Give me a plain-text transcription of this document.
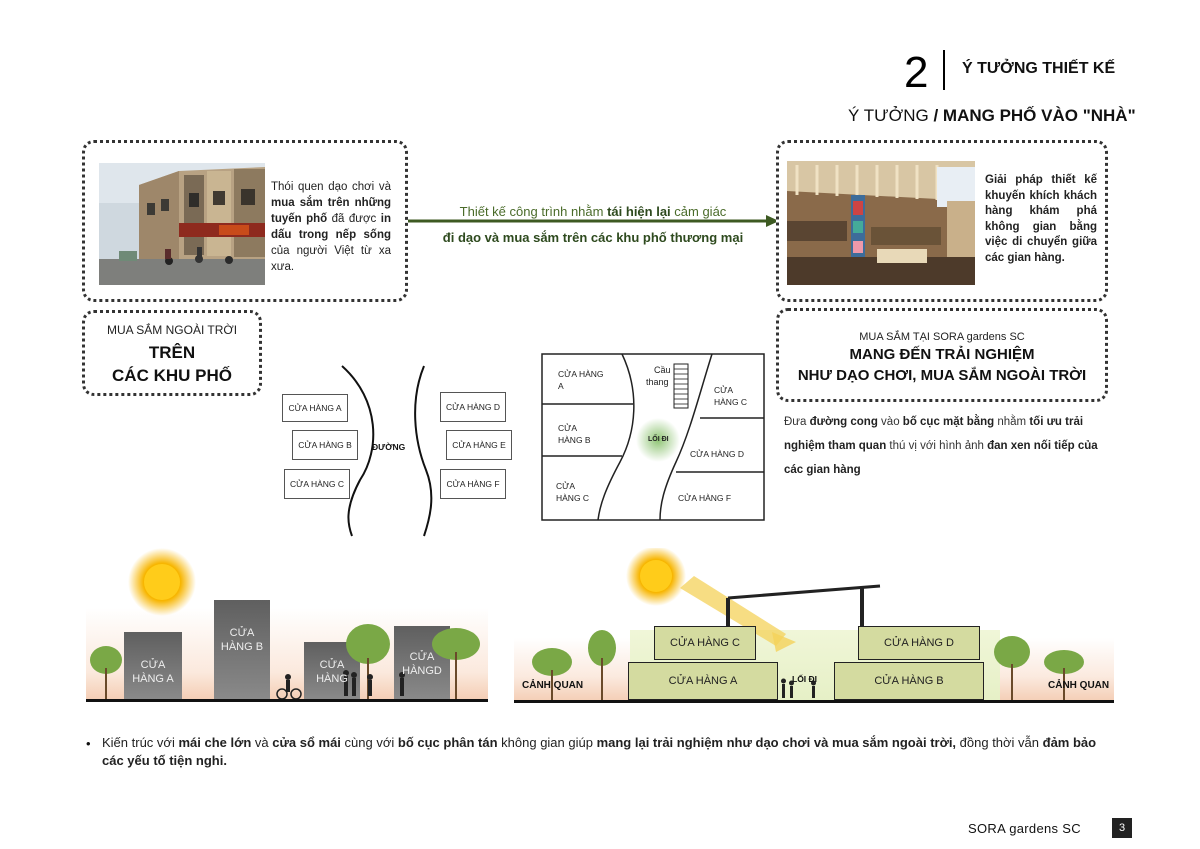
2 Ý TƯỞNG THIẾT KẾ
Ý TƯỞNG / MANG PHỐ VÀO "NHÀ"
Thói quen dạo chơi và mua sắm trên những tuyến phố đã được in dấu trong nếp sống của người Việt từ xa xưa.
MUA SẮM NGOÀI TRỜI
TRÊN
CÁC KHU PHỐ
Thiết kế công trình nhằm tái hiện lại cảm giác
đi dạo và mua sắm trên các khu phố thương mại
Giải pháp thiết kế khuyến khích khách hàng khám phá không gian bằng việc di chuyển giữa các gian hàng.
MUA SẮM TẠI SORA gardens SC
MANG ĐẾN TRẢI NGHIỆM
NHƯ DẠO CHƠI, MUA SẮM NGOÀI TRỜI
Đưa đường cong vào bố cục mặt bằng nhằm tối ưu trải nghiệm tham quan thú vị với hình ảnh đan xen nối tiếp của các gian hàng
CỬA HÀNG A
CỬA HÀNG B
CỬA HÀNG C
CỬA HÀNG D
CỬA HÀNG E
CỬA HÀNG F
ĐƯỜNG
CỬA HÀNG
A
CỬA
HÀNG B
CỬA
HÀNG C
Cầu
thang
CỬA
HÀNG C
CỬA HÀNG D
CỬA HÀNG F
LỐI ĐI
CỬA
HÀNG A
CỬA
HÀNG B
CỬA
HÀNG
CỬA
HÀNGD
CỬA HÀNG C	CỬA HÀNG D
CỬA HÀNG A	CỬA HÀNG B
CẢNH QUAN	CẢNH QUAN
LỐI ĐI
• Kiến trúc với mái che lớn và cửa sổ mái cùng với bố cục phân tán không gian giúp mang lại trải nghiệm như dạo chơi và mua sắm ngoài trời, đồng thời vẫn đảm bảo các yếu tố tiện nghi.
SORA gardens SC	3
